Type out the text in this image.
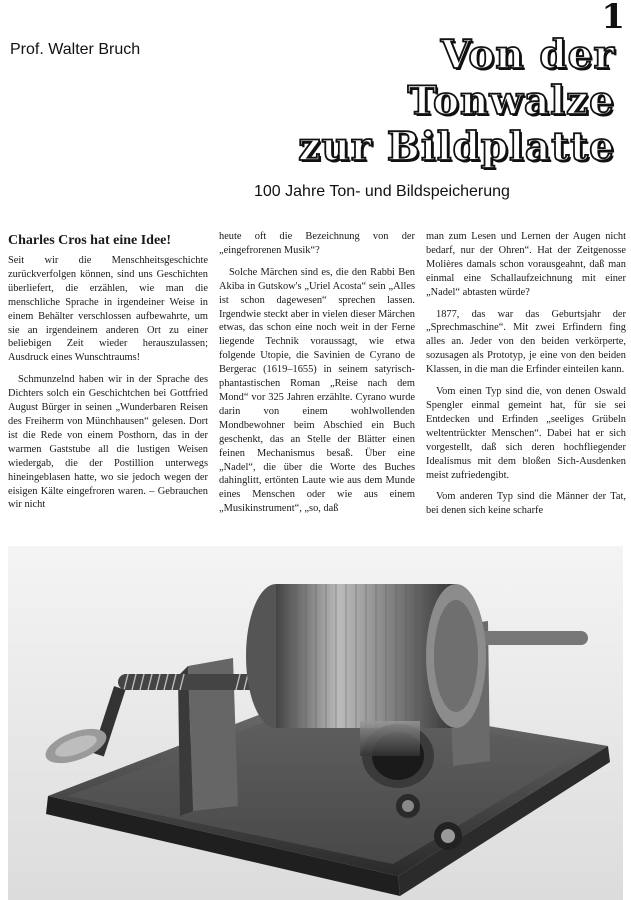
1
Prof. Walter Bruch	Von der
Tonwalze
zur Bildplatte
100 Jahre Ton- und Bildspeicherung
Charles Cros hat eine Idee!

Seit wir die Menschheitsgeschichte zurückverfolgen können, sind uns Geschichten überliefert, die erzählen, wie man die menschliche Sprache in irgendeiner Weise in einem Behälter verschlossen aufbewahrte, um sie an irgendeinem anderen Ort zu einer beliebigen Zeit wieder herauszulassen; Ausdruck eines Wunschtraums!

Schmunzelnd haben wir in der Sprache des Dichters solch ein Geschichtchen bei Gottfried August Bürger in seinen „Wunderbaren Reisen des Freiherrn von Münchhausen“ gelesen. Dort ist die Rede von einem Posthorn, das in der warmen Gaststube all die lustigen Weisen wiedergab, die der Postillion unterwegs hineingeblasen hatte, wo sie jedoch wegen der eisigen Kälte eingefroren waren. – Gebrauchen wir nicht

heute oft die Bezeichnung von der „eingefrorenen Musik“?

Solche Märchen sind es, die den Rabbi Ben Akiba in Gutskow's „Uriel Acosta“ sein „Alles ist schon dagewesen“ sprechen lassen. Irgendwie steckt aber in vielen dieser Märchen etwas, das schon eine noch weit in der Ferne liegende Technik voraussagt, wie etwa folgende Utopie, die Savinien de Cyrano de Bergerac (1619–1655) in seinem satyrisch-phantastischen Roman „Reise nach dem Mond“ vor 325 Jahren erzählte. Cyrano wurde darin von einem wohlwollenden Mondbewohner beim Abschied ein Buch geschenkt, das an Stelle der Blätter einen feinen Mechanismus besaß. Über eine „Nadel“, die über die Worte des Buches dahinglitt, ertönten Laute wie aus dem Munde eines Menschen oder wie aus einem „Musikinstrument“, „so, daß

man zum Lesen und Lernen der Augen nicht bedarf, nur der Ohren“. Hat der Zeitgenosse Molières damals schon vorausgeahnt, daß man einmal eine Schallaufzeichnung mit einer „Nadel“ abtasten würde?

1877, das war das Geburtsjahr der „Sprechmaschine“. Mit zwei Erfindern fing alles an. Jeder von den beiden verkörperte, sozusagen als Prototyp, je eine von den beiden Klassen, in die man die Erfinder einteilen kann.

Vom einen Typ sind die, von denen Oswald Spengler einmal gemeint hat, für sie sei Entdecken und Erfinden „seeliges Grübeln weltentrückter Menschen“. Dabei hat er sich vorgestellt, daß sich deren hochfliegender Idealismus mit dem bloßen Sich-Ausdenken meist zufriedengibt.

Vom anderen Typ sind die Männer der Tat, bei denen sich keine scharfe
